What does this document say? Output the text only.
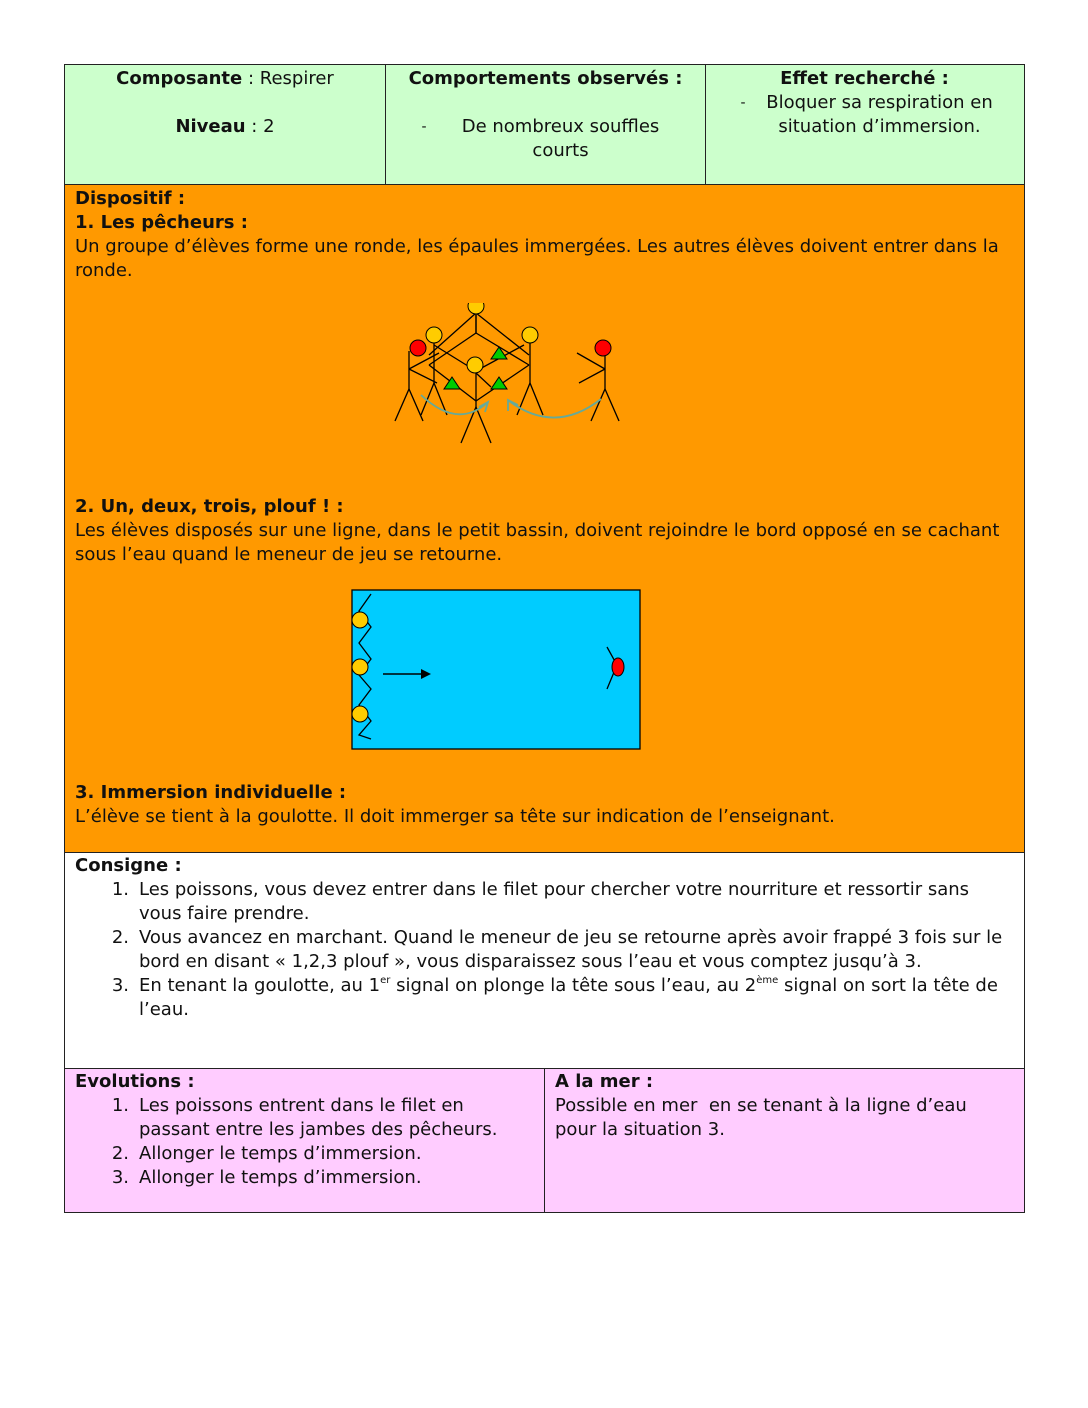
Composante : Respirer
Niveau : 2
Comportements observés :
-	De nombreux souffles courts
Effet recherché :
-	Bloquer sa respiration en situation d’immersion.
Dispositif :
1. Les pêcheurs :
Un groupe d’élèves forme une ronde, les épaules immergées. Les autres élèves doivent entrer dans la ronde.
2. Un, deux, trois, plouf ! :
Les élèves disposés sur une ligne, dans le petit bassin, doivent rejoindre le bord opposé en se cachant sous l’eau quand le meneur de jeu se retourne.
3. Immersion individuelle :
L’élève se tient à la goulotte. Il doit immerger sa tête sur indication de l’enseignant.
Consigne :
1. Les poissons, vous devez entrer dans le filet pour chercher votre nourriture et ressortir sans vous faire prendre.
2. Vous avancez en marchant. Quand le meneur de jeu se retourne après avoir frappé 3 fois sur le bord en disant « 1,2,3 plouf », vous disparaissez sous l’eau et vous comptez jusqu’à 3.
3. En tenant la goulotte, au 1er signal on plonge la tête sous l’eau, au 2ème signal on sort la tête de l’eau.
Evolutions :
1. Les poissons entrent dans le filet en passant entre les jambes des pêcheurs.
2. Allonger le temps d’immersion.
3. Allonger le temps d’immersion.
A la mer :
Possible en mer  en se tenant à la ligne d’eau pour la situation 3.
